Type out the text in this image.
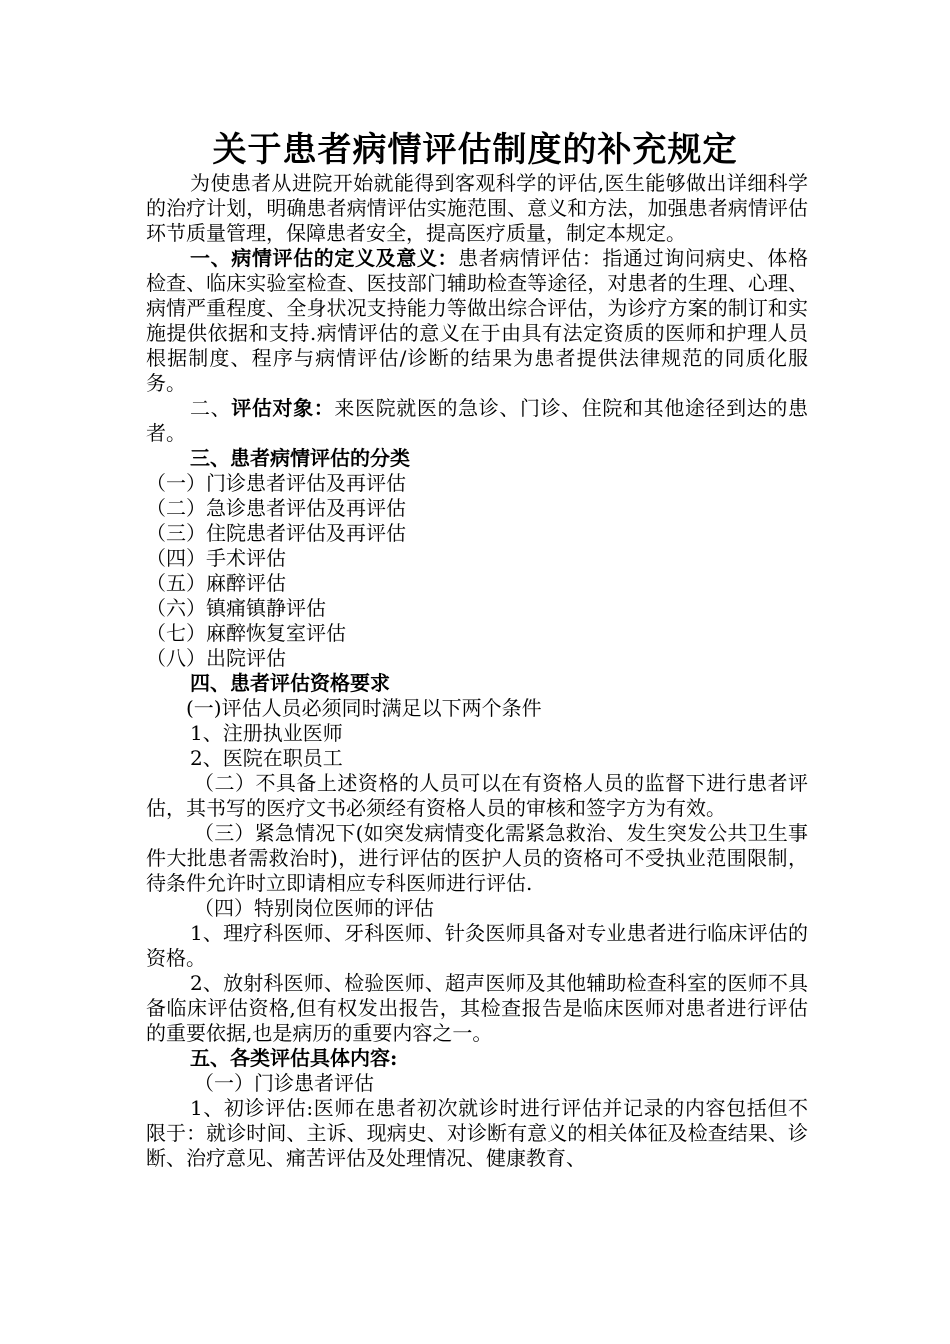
关于患者病情评估制度的补充规定

为使患者从进院开始就能得到客观科学的评估,医生能够做出详细科学的治疗计划，明确患者病情评估实施范围、意义和方法，加强患者病情评估环节质量管理，保障患者安全，提高医疗质量，制定本规定。

一、病情评估的定义及意义：患者病情评估：指通过询问病史、体格检查、临床实验室检查、医技部门辅助检查等途径，对患者的生理、心理、病情严重程度、全身状况支持能力等做出综合评估，为诊疗方案的制订和实施提供依据和支持.病情评估的意义在于由具有法定资质的医师和护理人员根据制度、程序与病情评估/诊断的结果为患者提供法律规范的同质化服务。

二、评估对象：来医院就医的急诊、门诊、住院和其他途径到达的患者。

三、患者病情评估的分类

（一）门诊患者评估及再评估

（二）急诊患者评估及再评估

（三）住院患者评估及再评估

（四）手术评估

（五）麻醉评估

（六）镇痛镇静评估

（七）麻醉恢复室评估

（八）出院评估

四、患者评估资格要求

(一)评估人员必须同时满足以下两个条件

1、注册执业医师

2、医院在职员工

（二）不具备上述资格的人员可以在有资格人员的监督下进行患者评估，其书写的医疗文书必须经有资格人员的审核和签字方为有效。

（三）紧急情况下(如突发病情变化需紧急救治、发生突发公共卫生事件大批患者需救治时)，进行评估的医护人员的资格可不受执业范围限制，待条件允许时立即请相应专科医师进行评估.

（四）特别岗位医师的评估

1、理疗科医师、牙科医师、针灸医师具备对专业患者进行临床评估的资格。

2、放射科医师、检验医师、超声医师及其他辅助检查科室的医师不具备临床评估资格,但有权发出报告，其检查报告是临床医师对患者进行评估的重要依据,也是病历的重要内容之一。

五、各类评估具体内容:

（一）门诊患者评估

1、初诊评估:医师在患者初次就诊时进行评估并记录的内容包括但不限于：就诊时间、主诉、现病史、对诊断有意义的相关体征及检查结果、诊断、治疗意见、痛苦评估及处理情况、健康教育、
